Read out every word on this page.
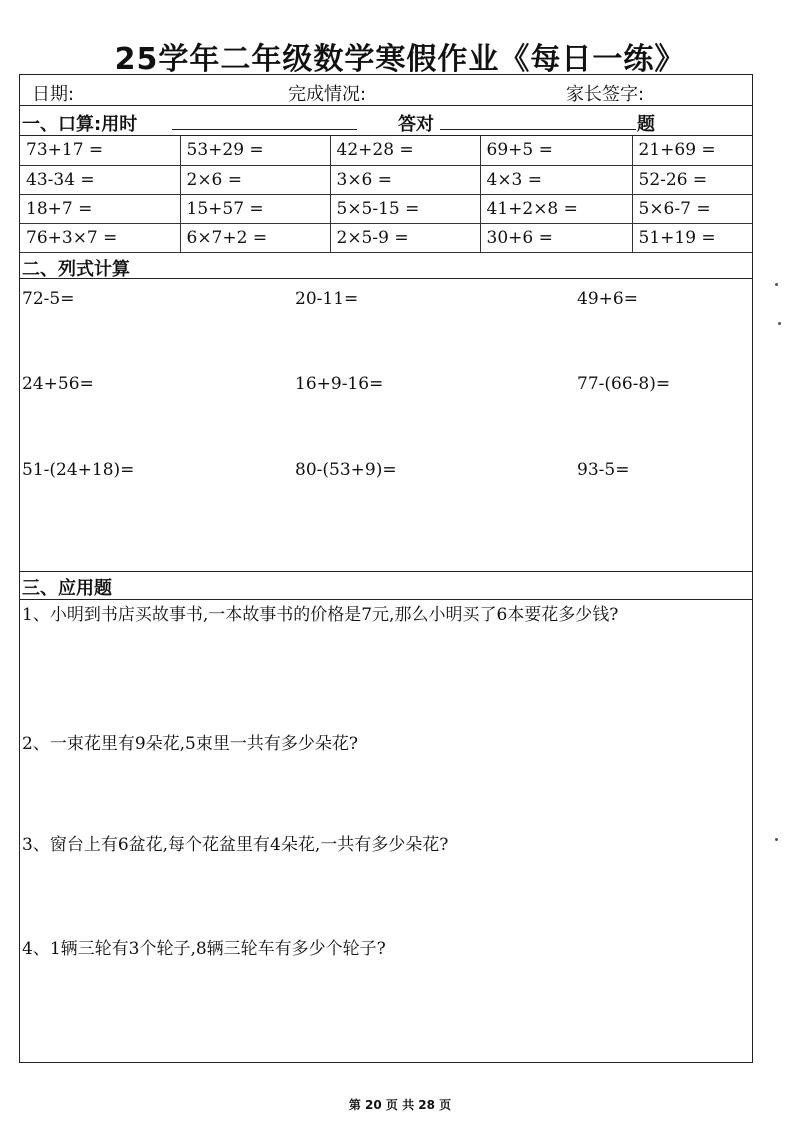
25学年二年级数学寒假作业《每日一练》
日期:	完成情况:	家长签字:
一、口算:用时	答对	题
73+17 =	53+29 =	42+28 =	69+5 =	21+69 =
43-34 =	2×6 =	3×6 =	4×3 =	52-26 =
18+7 =	15+57 =	5×5-15 =	41+2×8 =	5×6-7 =
76+3×7 =	6×7+2 =	2×5-9 =	30+6 =	51+19 =
二、列式计算
72-5=	20-11=	49+6=
24+56=	16+9-16=	77-(66-8)=
51-(24+18)=	80-(53+9)=	93-5=
三、应用题
1、小明到书店买故事书,一本故事书的价格是7元,那么小明买了6本要花多少钱?
2、一束花里有9朵花,5束里一共有多少朵花?
3、窗台上有6盆花,每个花盆里有4朵花,一共有多少朵花?
4、1辆三轮有3个轮子,8辆三轮车有多少个轮子?
第 20 页 共 28 页
